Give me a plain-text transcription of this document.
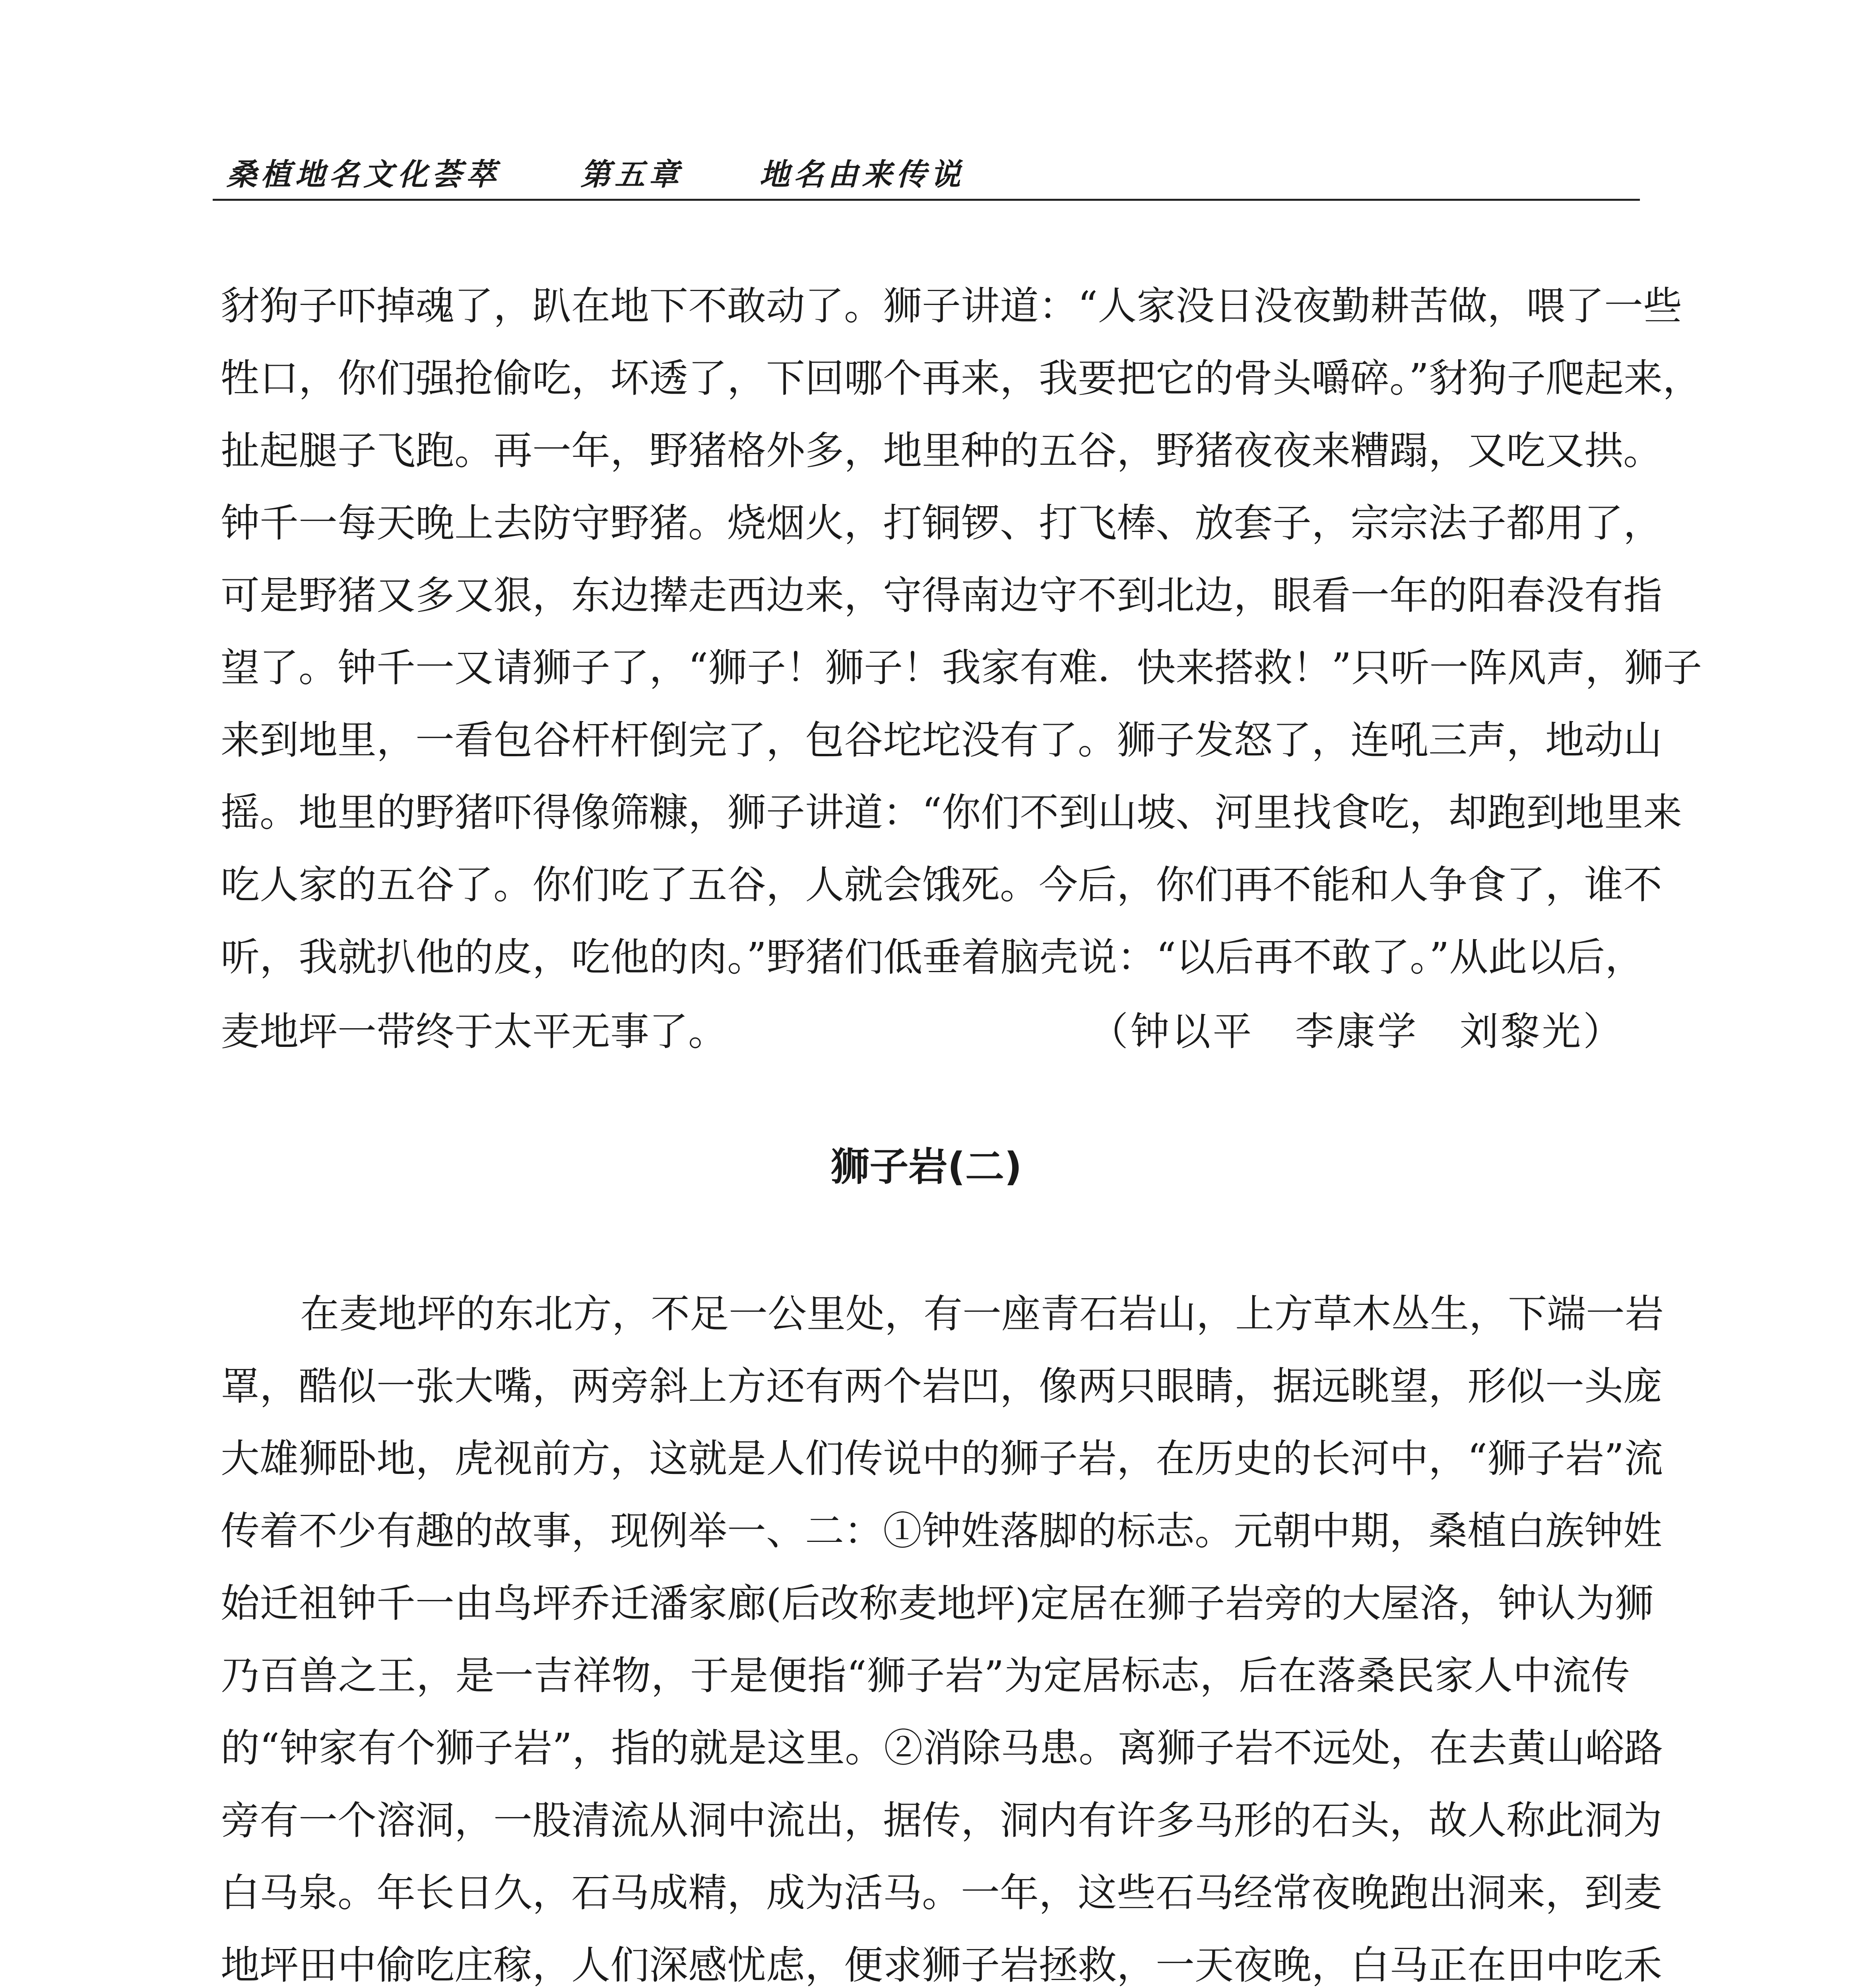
桑植地名文化荟萃	第五章	地名由来传说
豺狗子吓掉魂了，趴在地下不敢动了。狮子讲道：“人家没日没夜勤耕苦做，喂了一些
牲口，你们强抢偷吃，坏透了，下回哪个再来，我要把它的骨头嚼碎。”豺狗子爬起来，
扯起腿子飞跑。再一年，野猪格外多，地里种的五谷，野猪夜夜来糟蹋，又吃又拱。
钟千一每天晚上去防守野猪。烧烟火，打铜锣、打飞棒、放套子，宗宗法子都用了，
可是野猪又多又狠，东边撵走西边来，守得南边守不到北边，眼看一年的阳春没有指
望了。钟千一又请狮子了，“狮子！狮子！我家有难．快来搭救！”只听一阵风声，狮子
来到地里，一看包谷杆杆倒完了，包谷坨坨没有了。狮子发怒了，连吼三声，地动山
摇。地里的野猪吓得像筛糠，狮子讲道：“你们不到山坡、河里找食吃，却跑到地里来
吃人家的五谷了。你们吃了五谷，人就会饿死。今后，你们再不能和人争食了，谁不
听，我就扒他的皮，吃他的肉。”野猪们低垂着脑壳说：“以后再不敢了。”从此以后，
麦地坪一带终于太平无事了。	（钟以平　李康学　刘黎光）
狮子岩(二)
在麦地坪的东北方，不足一公里处，有一座青石岩山，上方草木丛生，下端一岩
罩，酷似一张大嘴，两旁斜上方还有两个岩凹，像两只眼睛，据远眺望，形似一头庞
大雄狮卧地，虎视前方，这就是人们传说中的狮子岩，在历史的长河中，“狮子岩”流
传着不少有趣的故事，现例举一、二：①钟姓落脚的标志。元朝中期，桑植白族钟姓
始迁祖钟千一由鸟坪乔迁潘家廊(后改称麦地坪)定居在狮子岩旁的大屋洛，钟认为狮
乃百兽之王，是一吉祥物，于是便指“狮子岩”为定居标志，后在落桑民家人中流传
的“钟家有个狮子岩”，指的就是这里。②消除马患。离狮子岩不远处，在去黄山峪路
旁有一个溶洞，一股清流从洞中流出，据传，洞内有许多马形的石头，故人称此洞为
白马泉。年长日久，石马成精，成为活马。一年，这些石马经常夜晚跑出洞来，到麦
地坪田中偷吃庄稼，人们深感忧虑，便求狮子岩拯救，一天夜晚，白马正在田中吃禾
